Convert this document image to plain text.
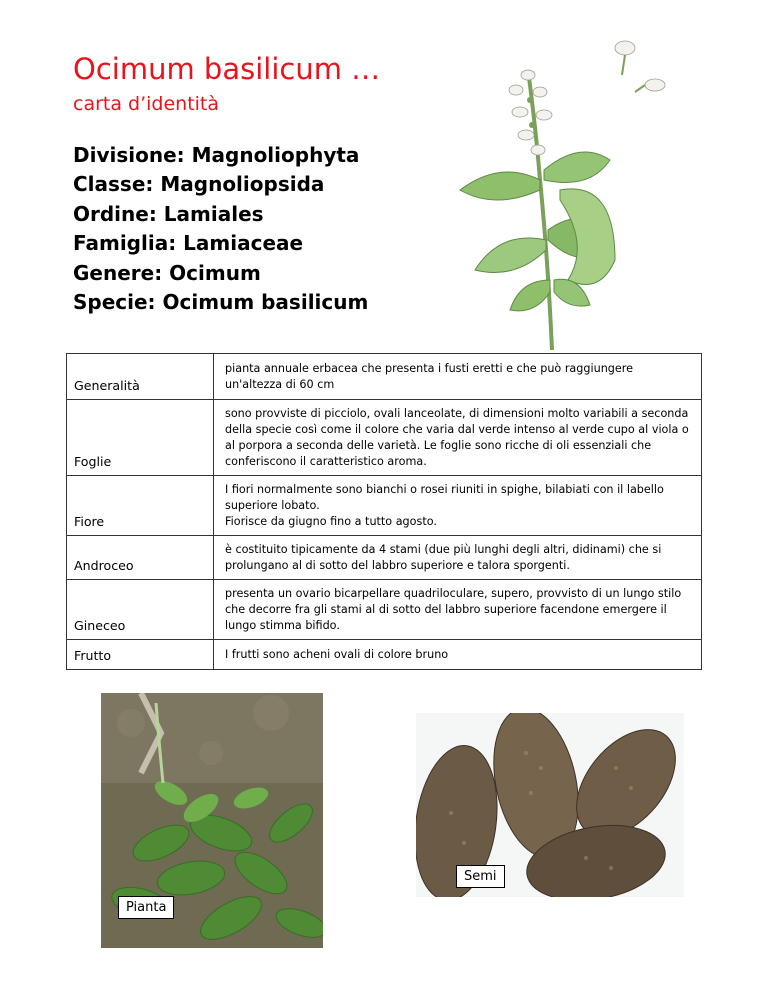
Ocimum basilicum …
carta d’identità
Divisione: Magnoliophyta
Classe: Magnoliopsida
Ordine: Lamiales
Famiglia: Lamiaceae
Genere: Ocimum
Specie: Ocimum basilicum
Generalità	pianta annuale erbacea che presenta i fusti eretti e che può raggiungere un'altezza di 60 cm
Foglie	sono provviste di picciolo, ovali lanceolate, di dimensioni molto variabili a seconda della specie così come il colore che varia dal verde intenso al verde cupo al viola o al porpora a seconda delle varietà. Le foglie sono ricche di oli essenziali che conferiscono il caratteristico aroma.
Fiore	I fiori normalmente sono bianchi o rosei riuniti in spighe, bilabiati con il labello superiore lobato.
Fiorisce da giugno fino a tutto agosto.

Androceo	è costituito tipicamente da 4 stami (due più lunghi degli altri, didinami) che si prolungano al di sotto del labbro superiore e talora sporgenti.
Gineceo	presenta un ovario bicarpellare quadriloculare, supero, provvisto di un lungo stilo che decorre fra gli stami al di sotto del labbro superiore facendone emergere il lungo stimma bifido.
Frutto	I frutti sono acheni ovali di colore bruno
Pianta
Semi
